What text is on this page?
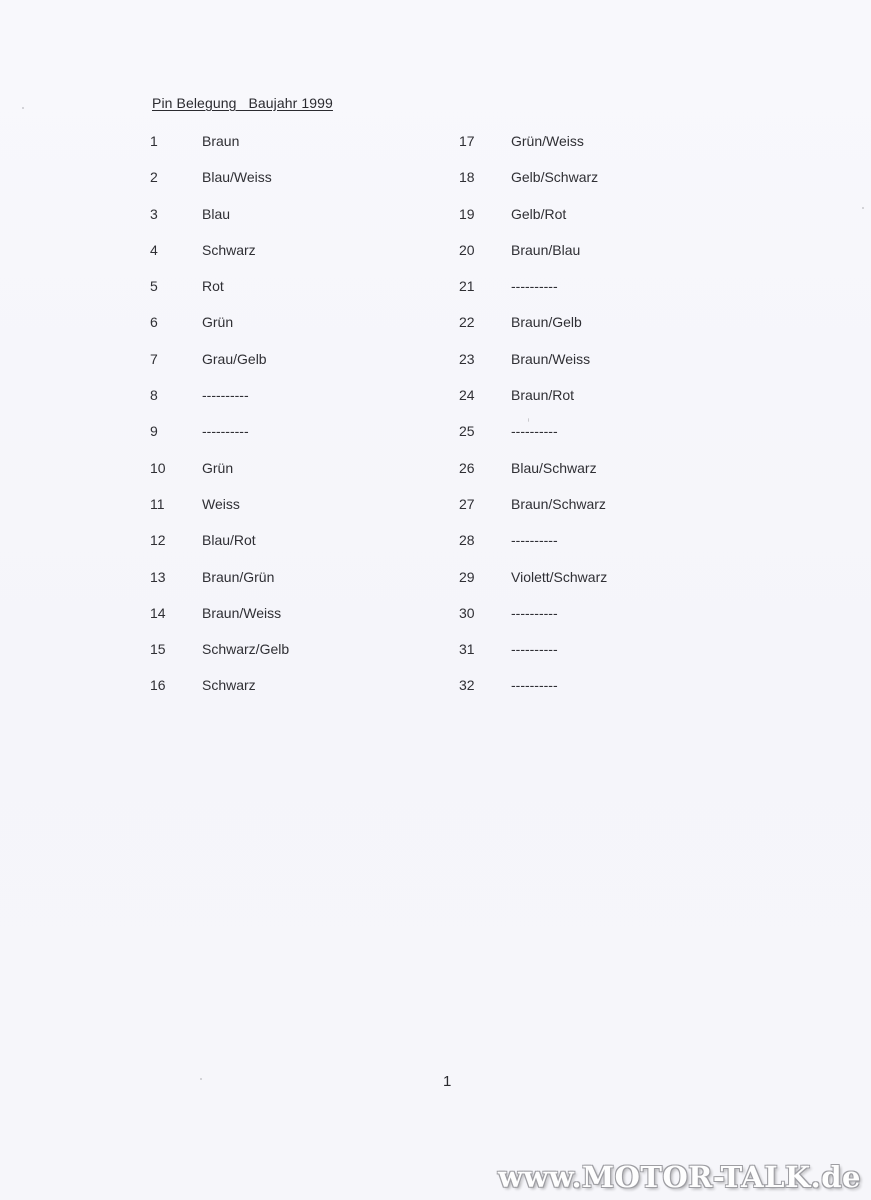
Pin Belegung   Baujahr 1999
1	Braun
2	Blau/Weiss
3	Blau
4	Schwarz
5	Rot
6	Grün
7	Grau/Gelb
8	----------
9	----------
10	Grün
11	Weiss
12	Blau/Rot
13	Braun/Grün
14	Braun/Weiss
15	Schwarz/Gelb
16	Schwarz
17	Grün/Weiss
18	Gelb/Schwarz
19	Gelb/Rot
20	Braun/Blau
21	----------
22	Braun/Gelb
23	Braun/Weiss
24	Braun/Rot
25	----------
26	Blau/Schwarz
27	Braun/Schwarz
28	----------
29	Violett/Schwarz
30	----------
31	----------
32	----------
1
www.MOTOR-TALK.de
